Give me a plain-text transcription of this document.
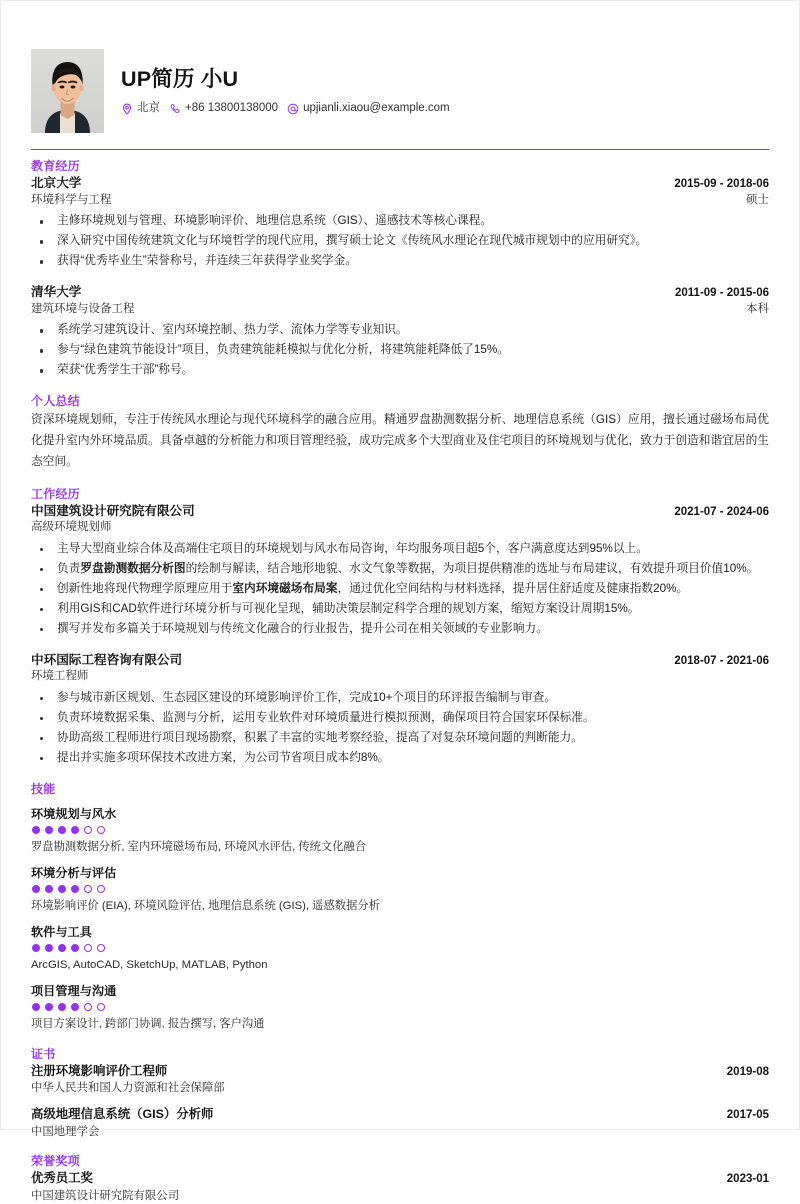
UP简历 小U
北京 +86 13800138000 upjianli.xiaou@example.com
教育经历
北京大学	2015-09 - 2018-06
环境科学与工程	硕士
主修环境规划与管理、环境影响评价、地理信息系统（GIS）、遥感技术等核心课程。
深入研究中国传统建筑文化与环境哲学的现代应用，撰写硕士论文《传统风水理论在现代城市规划中的应用研究》。
获得“优秀毕业生”荣誉称号，并连续三年获得学业奖学金。
清华大学	2011-09 - 2015-06
建筑环境与设备工程	本科
系统学习建筑设计、室内环境控制、热力学、流体力学等专业知识。
参与“绿色建筑节能设计”项目，负责建筑能耗模拟与优化分析，将建筑能耗降低了15%。
荣获“优秀学生干部”称号。
个人总结

资深环境规划师，专注于传统风水理论与现代环境科学的融合应用。精通罗盘勘测数据分析、地理信息系统（GIS）应用，擅长通过磁场布局优化提升室内外环境品质。具备卓越的分析能力和项目管理经验，成功完成多个大型商业及住宅项目的环境规划与优化，致力于创造和谐宜居的生态空间。

工作经历
中国建筑设计研究院有限公司	2021-07 - 2024-06
高级环境规划师
主导大型商业综合体及高端住宅项目的环境规划与风水布局咨询，年均服务项目超5个，客户满意度达到95%以上。
负责罗盘勘测数据分析图的绘制与解读，结合地形地貌、水文气象等数据，为项目提供精准的选址与布局建议，有效提升项目价值10%。
创新性地将现代物理学原理应用于室内环境磁场布局案，通过优化空间结构与材料选择，提升居住舒适度及健康指数20%。
利用GIS和CAD软件进行环境分析与可视化呈现，辅助决策层制定科学合理的规划方案，缩短方案设计周期15%。
撰写并发布多篇关于环境规划与传统文化融合的行业报告，提升公司在相关领域的专业影响力。
中环国际工程咨询有限公司	2018-07 - 2021-06
环境工程师
参与城市新区规划、生态园区建设的环境影响评价工作，完成10+个项目的环评报告编制与审查。
负责环境数据采集、监测与分析，运用专业软件对环境质量进行模拟预测，确保项目符合国家环保标准。
协助高级工程师进行项目现场勘察，积累了丰富的实地考察经验，提高了对复杂环境问题的判断能力。
提出并实施多项环保技术改进方案，为公司节省项目成本约8%。
技能
环境规划与风水
罗盘勘测数据分析, 室内环境磁场布局, 环境风水评估, 传统文化融合
环境分析与评估
环境影响评价 (EIA), 环境风险评估, 地理信息系统 (GIS), 遥感数据分析
软件与工具
ArcGIS, AutoCAD, SketchUp, MATLAB, Python
项目管理与沟通
项目方案设计, 跨部门协调, 报告撰写, 客户沟通
证书
注册环境影响评价工程师	2019-08
中华人民共和国人力资源和社会保障部
高级地理信息系统（GIS）分析师	2017-05
中国地理学会
荣誉奖项
优秀员工奖	2023-01
中国建筑设计研究院有限公司
